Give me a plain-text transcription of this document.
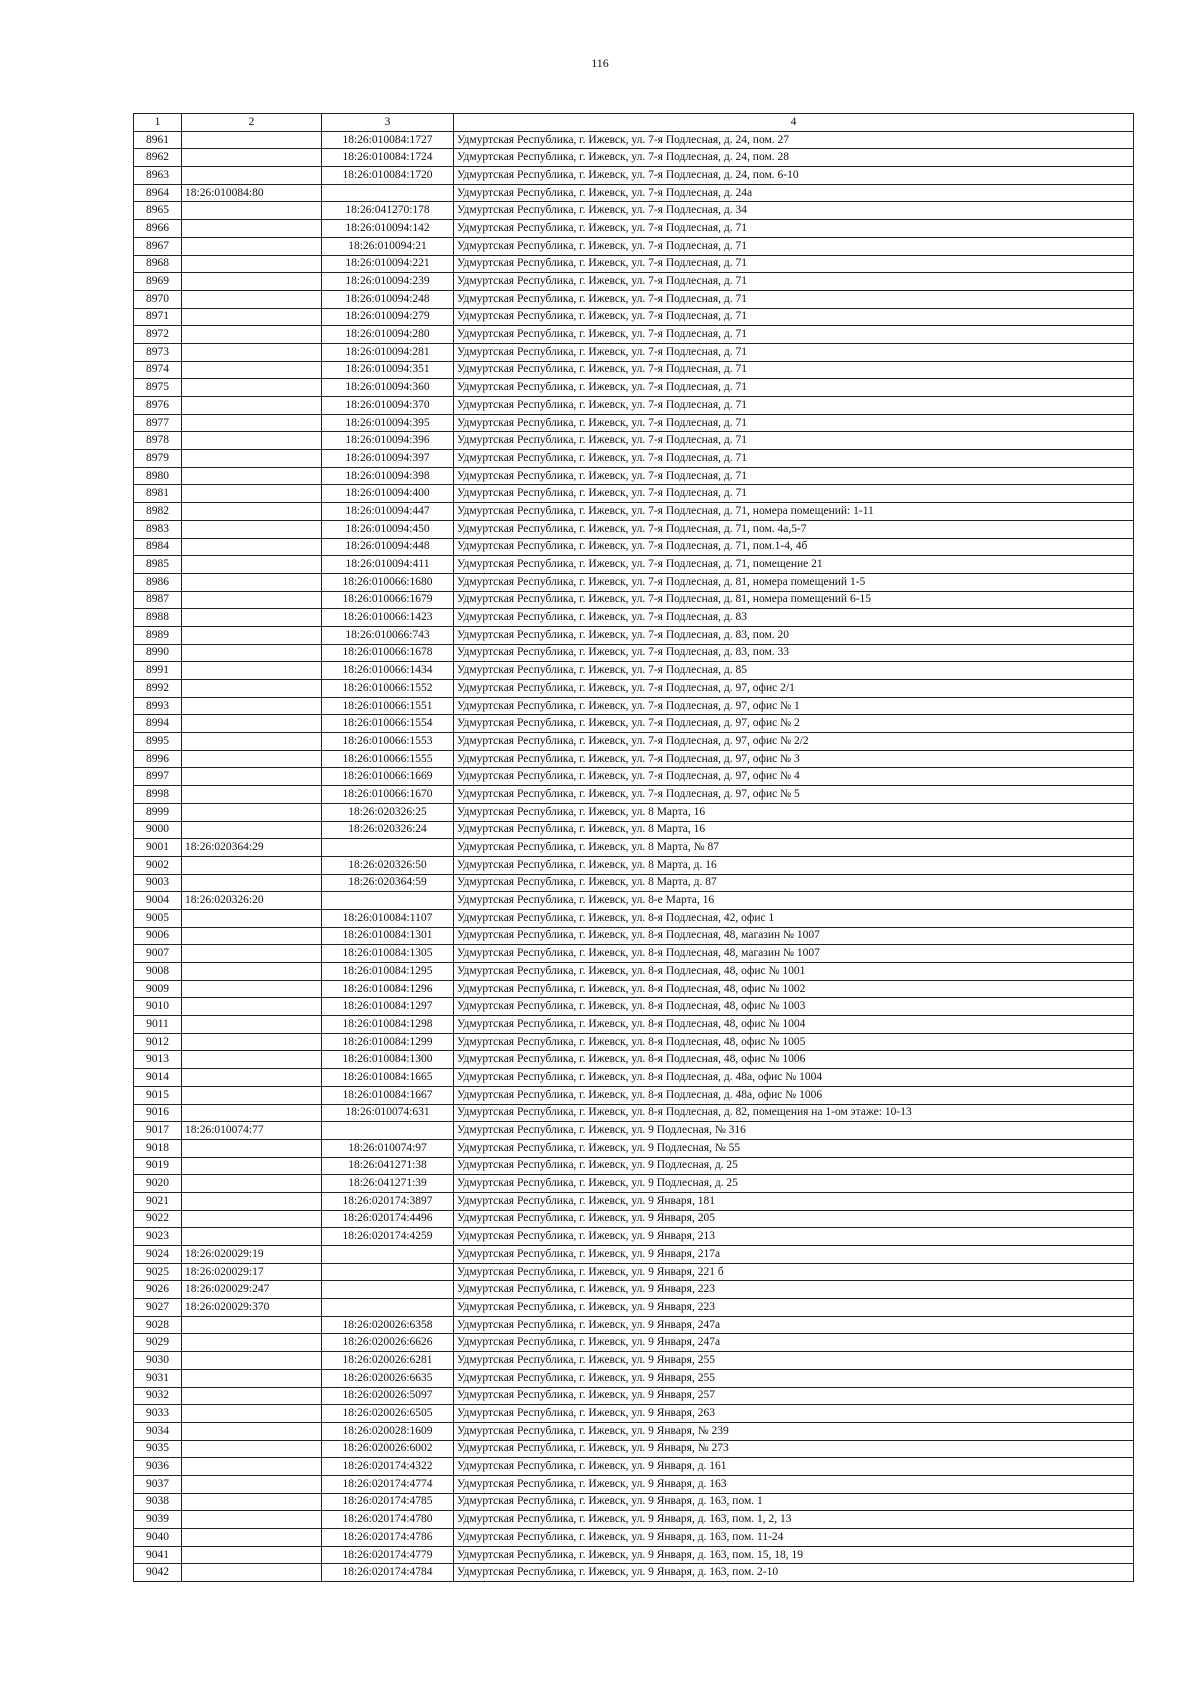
116
1	2	3	4
8961		18:26:010084:1727	Удмуртская Республика, г. Ижевск, ул. 7-я Подлесная, д. 24, пом. 27
8962		18:26:010084:1724	Удмуртская Республика, г. Ижевск, ул. 7-я Подлесная, д. 24, пом. 28
8963		18:26:010084:1720	Удмуртская Республика, г. Ижевск, ул. 7-я Подлесная, д. 24, пом. 6-10
8964	18:26:010084:80		Удмуртская Республика, г. Ижевск, ул. 7-я Подлесная, д. 24а
8965		18:26:041270:178	Удмуртская Республика, г. Ижевск, ул. 7-я Подлесная, д. 34
8966		18:26:010094:142	Удмуртская Республика, г. Ижевск, ул. 7-я Подлесная, д. 71
8967		18:26:010094:21	Удмуртская Республика, г. Ижевск, ул. 7-я Подлесная, д. 71
8968		18:26:010094:221	Удмуртская Республика, г. Ижевск, ул. 7-я Подлесная, д. 71
8969		18:26:010094:239	Удмуртская Республика, г. Ижевск, ул. 7-я Подлесная, д. 71
8970		18:26:010094:248	Удмуртская Республика, г. Ижевск, ул. 7-я Подлесная, д. 71
8971		18:26:010094:279	Удмуртская Республика, г. Ижевск, ул. 7-я Подлесная, д. 71
8972		18:26:010094:280	Удмуртская Республика, г. Ижевск, ул. 7-я Подлесная, д. 71
8973		18:26:010094:281	Удмуртская Республика, г. Ижевск, ул. 7-я Подлесная, д. 71
8974		18:26:010094:351	Удмуртская Республика, г. Ижевск, ул. 7-я Подлесная, д. 71
8975		18:26:010094:360	Удмуртская Республика, г. Ижевск, ул. 7-я Подлесная, д. 71
8976		18:26:010094:370	Удмуртская Республика, г. Ижевск, ул. 7-я Подлесная, д. 71
8977		18:26:010094:395	Удмуртская Республика, г. Ижевск, ул. 7-я Подлесная, д. 71
8978		18:26:010094:396	Удмуртская Республика, г. Ижевск, ул. 7-я Подлесная, д. 71
8979		18:26:010094:397	Удмуртская Республика, г. Ижевск, ул. 7-я Подлесная, д. 71
8980		18:26:010094:398	Удмуртская Республика, г. Ижевск, ул. 7-я Подлесная, д. 71
8981		18:26:010094:400	Удмуртская Республика, г. Ижевск, ул. 7-я Подлесная, д. 71
8982		18:26:010094:447	Удмуртская Республика, г. Ижевск, ул. 7-я Подлесная, д. 71, номера помещений: 1-11
8983		18:26:010094:450	Удмуртская Республика, г. Ижевск, ул. 7-я Подлесная, д. 71, пом. 4а,5-7
8984		18:26:010094:448	Удмуртская Республика, г. Ижевск, ул. 7-я Подлесная, д. 71, пом.1-4, 4б
8985		18:26:010094:411	Удмуртская Республика, г. Ижевск, ул. 7-я Подлесная, д. 71, помещение 21
8986		18:26:010066:1680	Удмуртская Республика, г. Ижевск, ул. 7-я Подлесная, д. 81, номера помещений 1-5
8987		18:26:010066:1679	Удмуртская Республика, г. Ижевск, ул. 7-я Подлесная, д. 81, номера помещений 6-15
8988		18:26:010066:1423	Удмуртская Республика, г. Ижевск, ул. 7-я Подлесная, д. 83
8989		18:26:010066:743	Удмуртская Республика, г. Ижевск, ул. 7-я Подлесная, д. 83, пом. 20
8990		18:26:010066:1678	Удмуртская Республика, г. Ижевск, ул. 7-я Подлесная, д. 83, пом. 33
8991		18:26:010066:1434	Удмуртская Республика, г. Ижевск, ул. 7-я Подлесная, д. 85
8992		18:26:010066:1552	Удмуртская Республика, г. Ижевск, ул. 7-я Подлесная, д. 97, офис 2/1
8993		18:26:010066:1551	Удмуртская Республика, г. Ижевск, ул. 7-я Подлесная, д. 97, офис № 1
8994		18:26:010066:1554	Удмуртская Республика, г. Ижевск, ул. 7-я Подлесная, д. 97, офис № 2
8995		18:26:010066:1553	Удмуртская Республика, г. Ижевск, ул. 7-я Подлесная, д. 97, офис № 2/2
8996		18:26:010066:1555	Удмуртская Республика, г. Ижевск, ул. 7-я Подлесная, д. 97, офис № 3
8997		18:26:010066:1669	Удмуртская Республика, г. Ижевск, ул. 7-я Подлесная, д. 97, офис № 4
8998		18:26:010066:1670	Удмуртская Республика, г. Ижевск, ул. 7-я Подлесная, д. 97, офис № 5
8999		18:26:020326:25	Удмуртская Республика, г. Ижевск, ул. 8 Марта, 16
9000		18:26:020326:24	Удмуртская Республика, г. Ижевск, ул. 8 Марта, 16
9001	18:26:020364:29		Удмуртская Республика, г. Ижевск, ул. 8 Марта, № 87
9002		18:26:020326:50	Удмуртская Республика, г. Ижевск, ул. 8 Марта, д. 16
9003		18:26:020364:59	Удмуртская Республика, г. Ижевск, ул. 8 Марта, д. 87
9004	18:26:020326:20		Удмуртская Республика, г. Ижевск, ул. 8-е Марта, 16
9005		18:26:010084:1107	Удмуртская Республика, г. Ижевск, ул. 8-я Подлесная, 42, офис 1
9006		18:26:010084:1301	Удмуртская Республика, г. Ижевск, ул. 8-я Подлесная, 48, магазин № 1007
9007		18:26:010084:1305	Удмуртская Республика, г. Ижевск, ул. 8-я Подлесная, 48, магазин № 1007
9008		18:26:010084:1295	Удмуртская Республика, г. Ижевск, ул. 8-я Подлесная, 48, офис № 1001
9009		18:26:010084:1296	Удмуртская Республика, г. Ижевск, ул. 8-я Подлесная, 48, офис № 1002
9010		18:26:010084:1297	Удмуртская Республика, г. Ижевск, ул. 8-я Подлесная, 48, офис № 1003
9011		18:26:010084:1298	Удмуртская Республика, г. Ижевск, ул. 8-я Подлесная, 48, офис № 1004
9012		18:26:010084:1299	Удмуртская Республика, г. Ижевск, ул. 8-я Подлесная, 48, офис № 1005
9013		18:26:010084:1300	Удмуртская Республика, г. Ижевск, ул. 8-я Подлесная, 48, офис № 1006
9014		18:26:010084:1665	Удмуртская Республика, г. Ижевск, ул. 8-я Подлесная, д. 48а, офис № 1004
9015		18:26:010084:1667	Удмуртская Республика, г. Ижевск, ул. 8-я Подлесная, д. 48а, офис № 1006
9016		18:26:010074:631	Удмуртская Республика, г. Ижевск, ул. 8-я Подлесная, д. 82, помещения на 1-ом этаже: 10-13
9017	18:26:010074:77		Удмуртская Республика, г. Ижевск, ул. 9 Подлесная, № 316
9018		18:26:010074:97	Удмуртская Республика, г. Ижевск, ул. 9 Подлесная, № 55
9019		18:26:041271:38	Удмуртская Республика, г. Ижевск, ул. 9 Подлесная, д. 25
9020		18:26:041271:39	Удмуртская Республика, г. Ижевск, ул. 9 Подлесная, д. 25
9021		18:26:020174:3897	Удмуртская Республика, г. Ижевск, ул. 9 Января, 181
9022		18:26:020174:4496	Удмуртская Республика, г. Ижевск, ул. 9 Января, 205
9023		18:26:020174:4259	Удмуртская Республика, г. Ижевск, ул. 9 Января, 213
9024	18:26:020029:19		Удмуртская Республика, г. Ижевск, ул. 9 Января, 217а
9025	18:26:020029:17		Удмуртская Республика, г. Ижевск, ул. 9 Января, 221 б
9026	18:26:020029:247		Удмуртская Республика, г. Ижевск, ул. 9 Января, 223
9027	18:26:020029:370		Удмуртская Республика, г. Ижевск, ул. 9 Января, 223
9028		18:26:020026:6358	Удмуртская Республика, г. Ижевск, ул. 9 Января, 247а
9029		18:26:020026:6626	Удмуртская Республика, г. Ижевск, ул. 9 Января, 247а
9030		18:26:020026:6281	Удмуртская Республика, г. Ижевск, ул. 9 Января, 255
9031		18:26:020026:6635	Удмуртская Республика, г. Ижевск, ул. 9 Января, 255
9032		18:26:020026:5097	Удмуртская Республика, г. Ижевск, ул. 9 Января, 257
9033		18:26:020026:6505	Удмуртская Республика, г. Ижевск, ул. 9 Января, 263
9034		18:26:020028:1609	Удмуртская Республика, г. Ижевск, ул. 9 Января, № 239
9035		18:26:020026:6002	Удмуртская Республика, г. Ижевск, ул. 9 Января, № 273
9036		18:26:020174:4322	Удмуртская Республика, г. Ижевск, ул. 9 Января, д. 161
9037		18:26:020174:4774	Удмуртская Республика, г. Ижевск, ул. 9 Января, д. 163
9038		18:26:020174:4785	Удмуртская Республика, г. Ижевск, ул. 9 Января, д. 163, пом. 1
9039		18:26:020174:4780	Удмуртская Республика, г. Ижевск, ул. 9 Января, д. 163, пом. 1, 2, 13
9040		18:26:020174:4786	Удмуртская Республика, г. Ижевск, ул. 9 Января, д. 163, пом. 11-24
9041		18:26:020174:4779	Удмуртская Республика, г. Ижевск, ул. 9 Января, д. 163, пом. 15, 18, 19
9042		18:26:020174:4784	Удмуртская Республика, г. Ижевск, ул. 9 Января, д. 163, пом. 2-10
